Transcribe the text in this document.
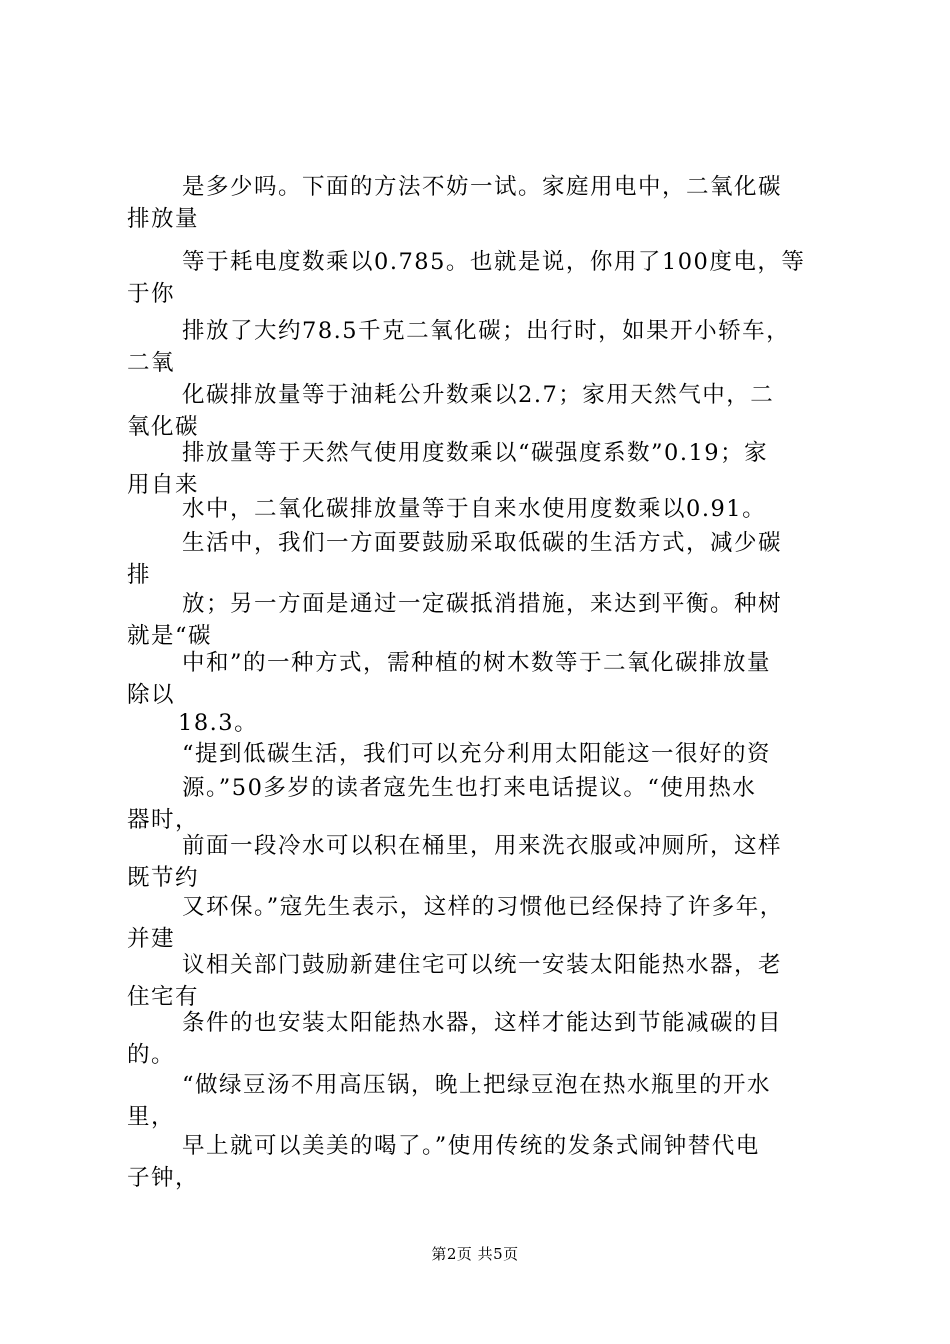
是多少吗。下面的方法不妨一试。家庭用电中，二氧化碳
排放量
等于耗电度数乘以0.785。也就是说，你用了100度电，等
于你
排放了大约78.5千克二氧化碳；出行时，如果开小轿车，
二氧
化碳排放量等于油耗公升数乘以2.7；家用天然气中，二
氧化碳
排放量等于天然气使用度数乘以“碳强度系数”0.19；家
用自来
水中，二氧化碳排放量等于自来水使用度数乘以0.91。
生活中，我们一方面要鼓励采取低碳的生活方式，减少碳
排
放；另一方面是通过一定碳抵消措施，来达到平衡。种树
就是“碳
中和”的一种方式，需种植的树木数等于二氧化碳排放量
除以
18.3。
“提到低碳生活，我们可以充分利用太阳能这一很好的资
源。”50多岁的读者寇先生也打来电话提议。“使用热水
器时，
前面一段冷水可以积在桶里，用来洗衣服或冲厕所，这样
既节约
又环保。”寇先生表示，这样的习惯他已经保持了许多年，
并建
议相关部门鼓励新建住宅可以统一安装太阳能热水器，老
住宅有
条件的也安装太阳能热水器，这样才能达到节能减碳的目
的。
“做绿豆汤不用高压锅，晚上把绿豆泡在热水瓶里的开水
里，
早上就可以美美的喝了。”使用传统的发条式闹钟替代电
子钟，
第2页 共5页
